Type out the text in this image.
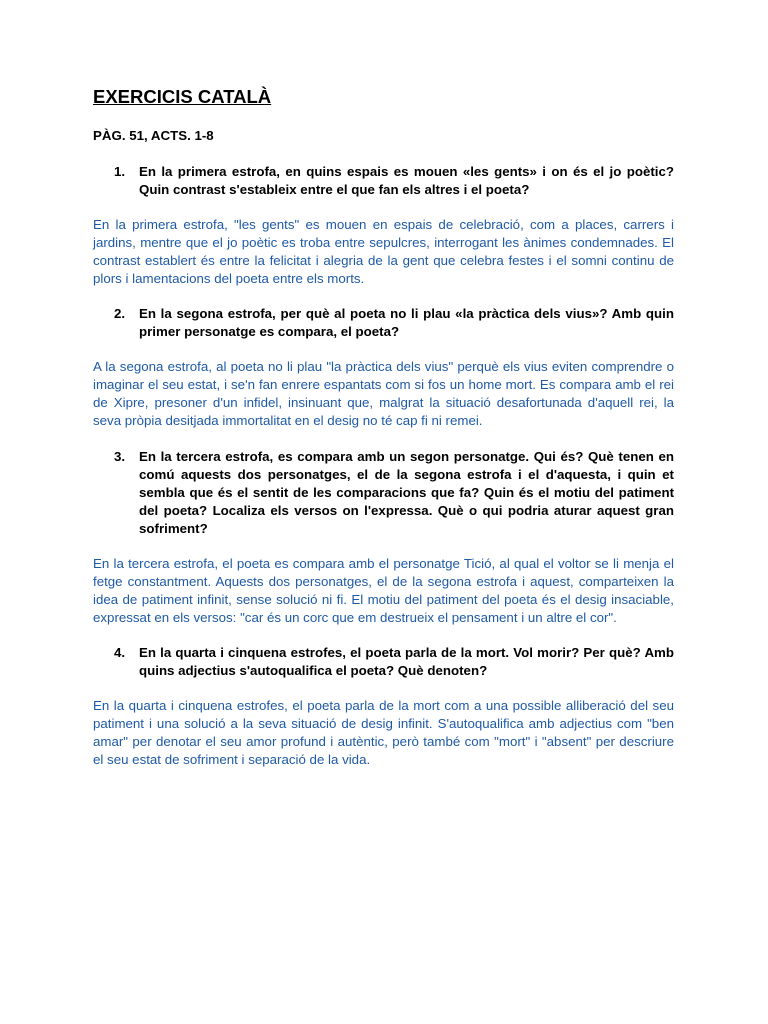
EXERCICIS CATALÀ

PÀG. 51, ACTS. 1-8

1.	En la primera estrofa, en quins espais es mouen «les gents» i on és el jo poètic? Quin contrast s'estableix entre el que fan els altres i el poeta?

En la primera estrofa, "les gents" es mouen en espais de celebració, com a places, carrers i jardins, mentre que el jo poètic es troba entre sepulcres, interrogant les ànimes condemnades. El contrast establert és entre la felicitat i alegria de la gent que celebra festes i el somni continu de plors i lamentacions del poeta entre els morts.

2.	En la segona estrofa, per què al poeta no li plau «la pràctica dels vius»? Amb quin primer personatge es compara, el poeta?

A la segona estrofa, al poeta no li plau "la pràctica dels vius" perquè els vius eviten comprendre o imaginar el seu estat, i se'n fan enrere espantats com si fos un home mort. Es compara amb el rei de Xipre, presoner d'un infidel, insinuant que, malgrat la situació desafortunada d'aquell rei, la seva pròpia desitjada immortalitat en el desig no té cap fi ni remei.

3.	En la tercera estrofa, es compara amb un segon personatge. Qui és? Què tenen en comú aquests dos personatges, el de la segona estrofa i el d'aquesta, i quin et sembla que és el sentit de les comparacions que fa? Quin és el motiu del patiment del poeta? Localiza els versos on l'expressa. Què o qui podria aturar aquest gran sofriment?

En la tercera estrofa, el poeta es compara amb el personatge Tició, al qual el voltor se li menja el fetge constantment. Aquests dos personatges, el de la segona estrofa i aquest, comparteixen la idea de patiment infinit, sense solució ni fi. El motiu del patiment del poeta és el desig insaciable, expressat en els versos: "car és un corc que em destrueix el pensament i un altre el cor".

4.	En la quarta i cinquena estrofes, el poeta parla de la mort. Vol morir? Per què? Amb quins adjectius s'autoqualifica el poeta? Què denoten?

En la quarta i cinquena estrofes, el poeta parla de la mort com a una possible alliberació del seu patiment i una solució a la seva situació de desig infinit. S'autoqualifica amb adjectius com "ben amar" per denotar el seu amor profund i autèntic, però també com "mort" i "absent" per descriure el seu estat de sofriment i separació de la vida.
